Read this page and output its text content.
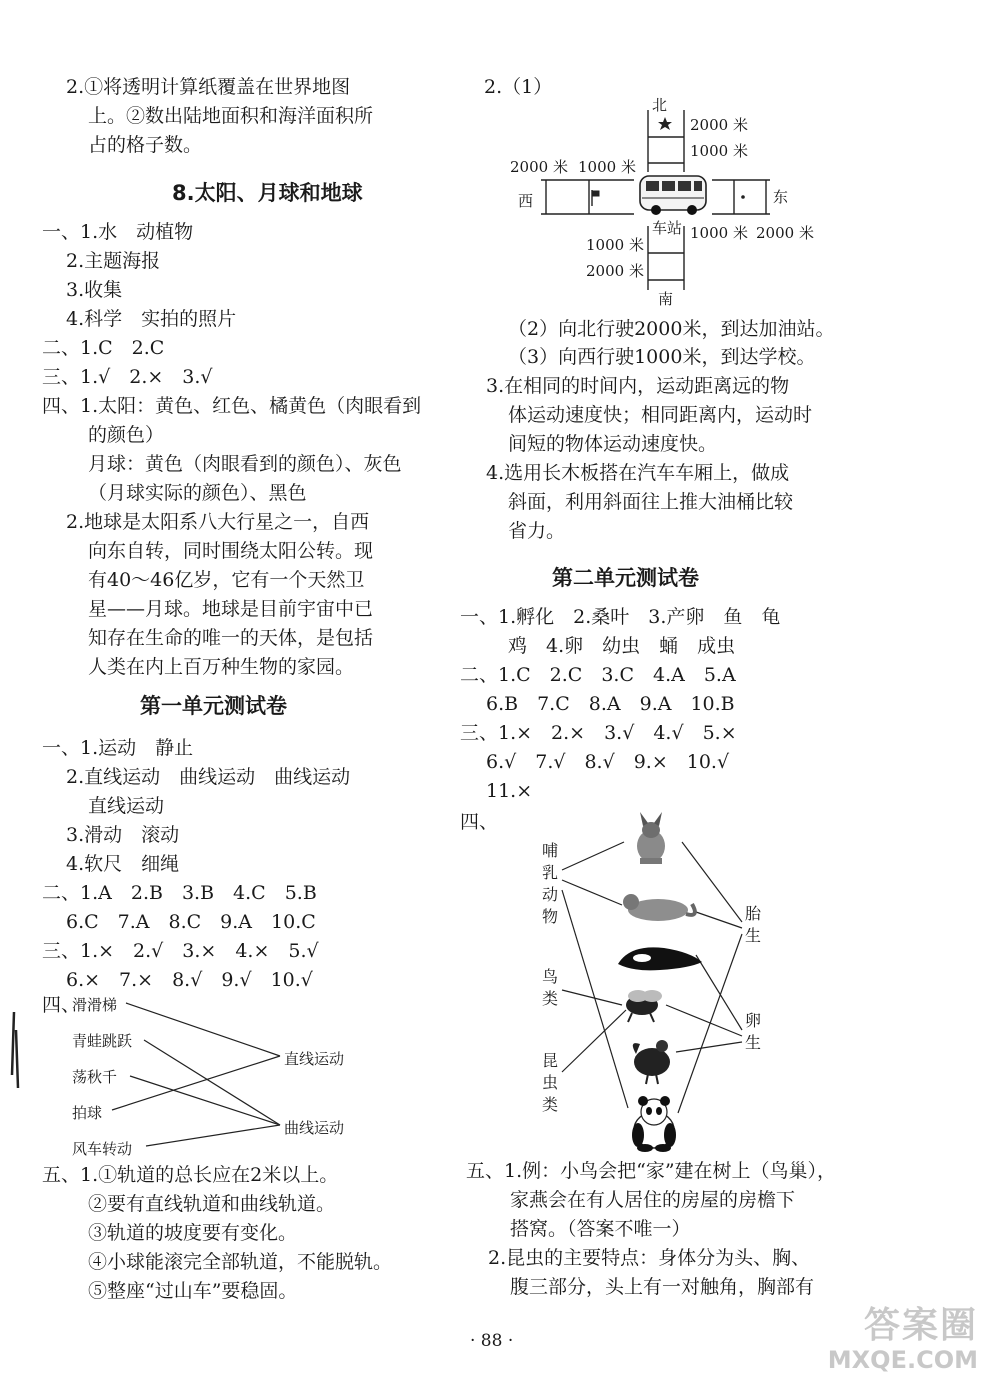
2.①将透明计算纸覆盖在世界地图
上。②数出陆地面积和海洋面积所
占的格子数。
8.太阳、月球和地球
一、1.水　动植物
2.主题海报
3.收集
4.科学　实拍的照片
二、1.C　2.C
三、1.√　2.×　3.√
四、1.太阳：黄色、红色、橘黄色（肉眼看到
的颜色）
月球：黄色（肉眼看到的颜色）、灰色
（月球实际的颜色）、黑色
2.地球是太阳系八大行星之一，自西
向东自转，同时围绕太阳公转。现
有40～46亿岁，它有一个天然卫
星——月球。地球是目前宇宙中已
知存在生命的唯一的天体，是包括
人类在内上百万种生物的家园。
第一单元测试卷
一、1.运动　静止
2.直线运动　曲线运动　曲线运动
直线运动
3.滑动　滚动
4.软尺　细绳
二、1.A　2.B　3.B　4.C　5.B
6.C　7.A　8.C　9.A　10.C
三、1.×　2.√　3.×　4.×　5.√
6.×　7.×　8.√　9.√　10.√
四、
滑滑梯
青蛙跳跃
荡秋千
拍球
风车转动
直线运动
曲线运动
五、1.①轨道的总长应在2米以上。
②要有直线轨道和曲线轨道。
③轨道的坡度要有变化。
④小球能滚完全部轨道，不能脱轨。
⑤整座“过山车”要稳固。
2.（1）
北
2000 米
1000 米
2000 米 1000 米
西	东
车站 1000 米 2000 米
1000 米
2000 米
南
（2）向北行驶2000米，到达加油站。
（3）向西行驶1000米，到达学校。
3.在相同的时间内，运动距离远的物
体运动速度快；相同距离内，运动时
间短的物体运动速度快。
4.选用长木板搭在汽车车厢上，做成
斜面，利用斜面往上推大油桶比较
省力。
第二单元测试卷
一、1.孵化　2.桑叶　3.产卵　鱼　龟
鸡　4.卵　幼虫　蛹　成虫
二、1.C　2.C　3.C　4.A　5.A
6.B　7.C　8.A　9.A　10.B
三、1.×　2.×　3.√　4.√　5.×
6.√　7.√　8.√　9.×　10.√
11.×
四、
哺乳动物	胎生
鸟类
卵生
昆虫类
五、1.例：小鸟会把“家”建在树上（鸟巢），
家燕会在有人居住的房屋的房檐下
搭窝。（答案不唯一）
2.昆虫的主要特点：身体分为头、胸、
腹三部分，头上有一对触角，胸部有
· 88 ·	答案圈
MXQE.COM
